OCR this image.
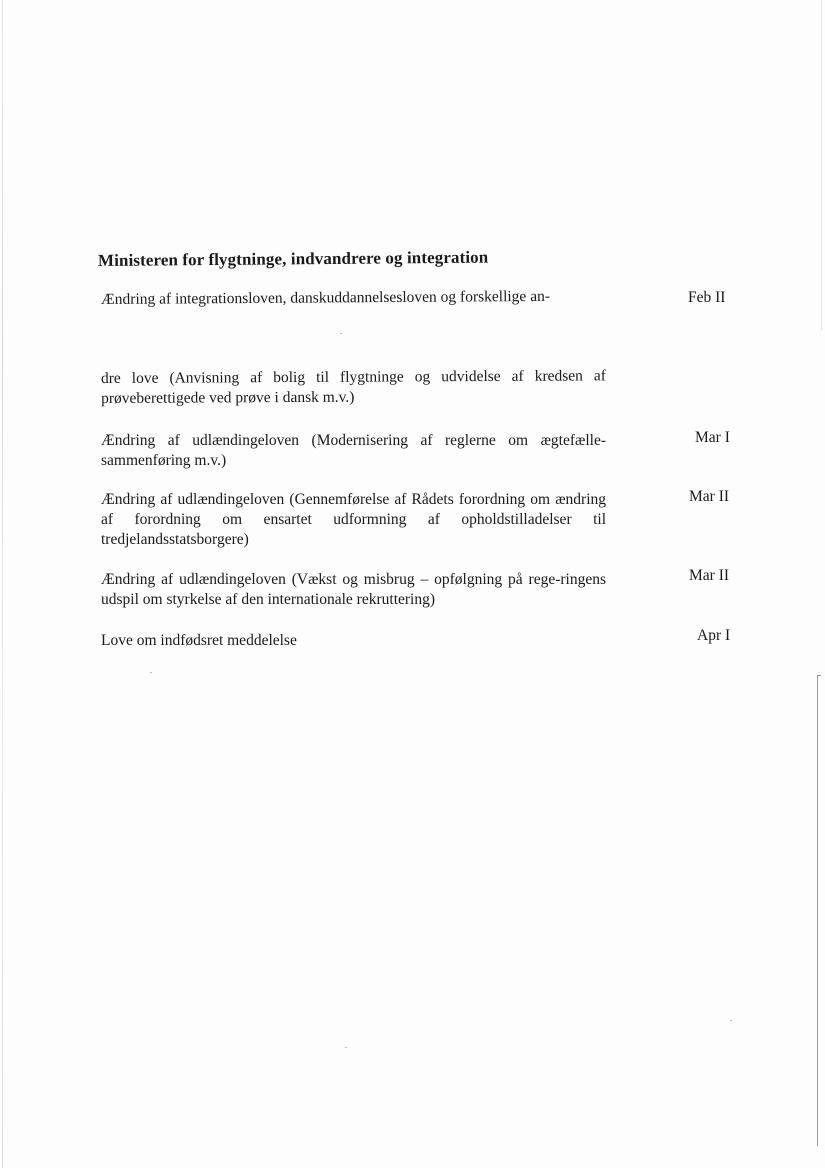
Ministeren for flygtninge, indvandrere og integration
Ændring af integrationsloven, danskuddannelsesloven og forskellige an-	Feb II
dre love (Anvisning af bolig til flygtninge og udvidelse af kredsen af prøveberettigede ved prøve i dansk m.v.)
Ændring af udlændingeloven (Modernisering af reglerne om ægtefælle-sammenføring m.v.)
Mar I
Ændring af udlændingeloven (Gennemførelse af Rådets forordning om ændring af forordning om ensartet udformning af opholdstilladelser til tredjelandsstatsborgere)
Mar II
Ændring af udlændingeloven (Vækst og misbrug – opfølgning på rege-ringens udspil om styrkelse af den internationale rekruttering)
Mar II
Love om indfødsret meddelelse	Apr I
